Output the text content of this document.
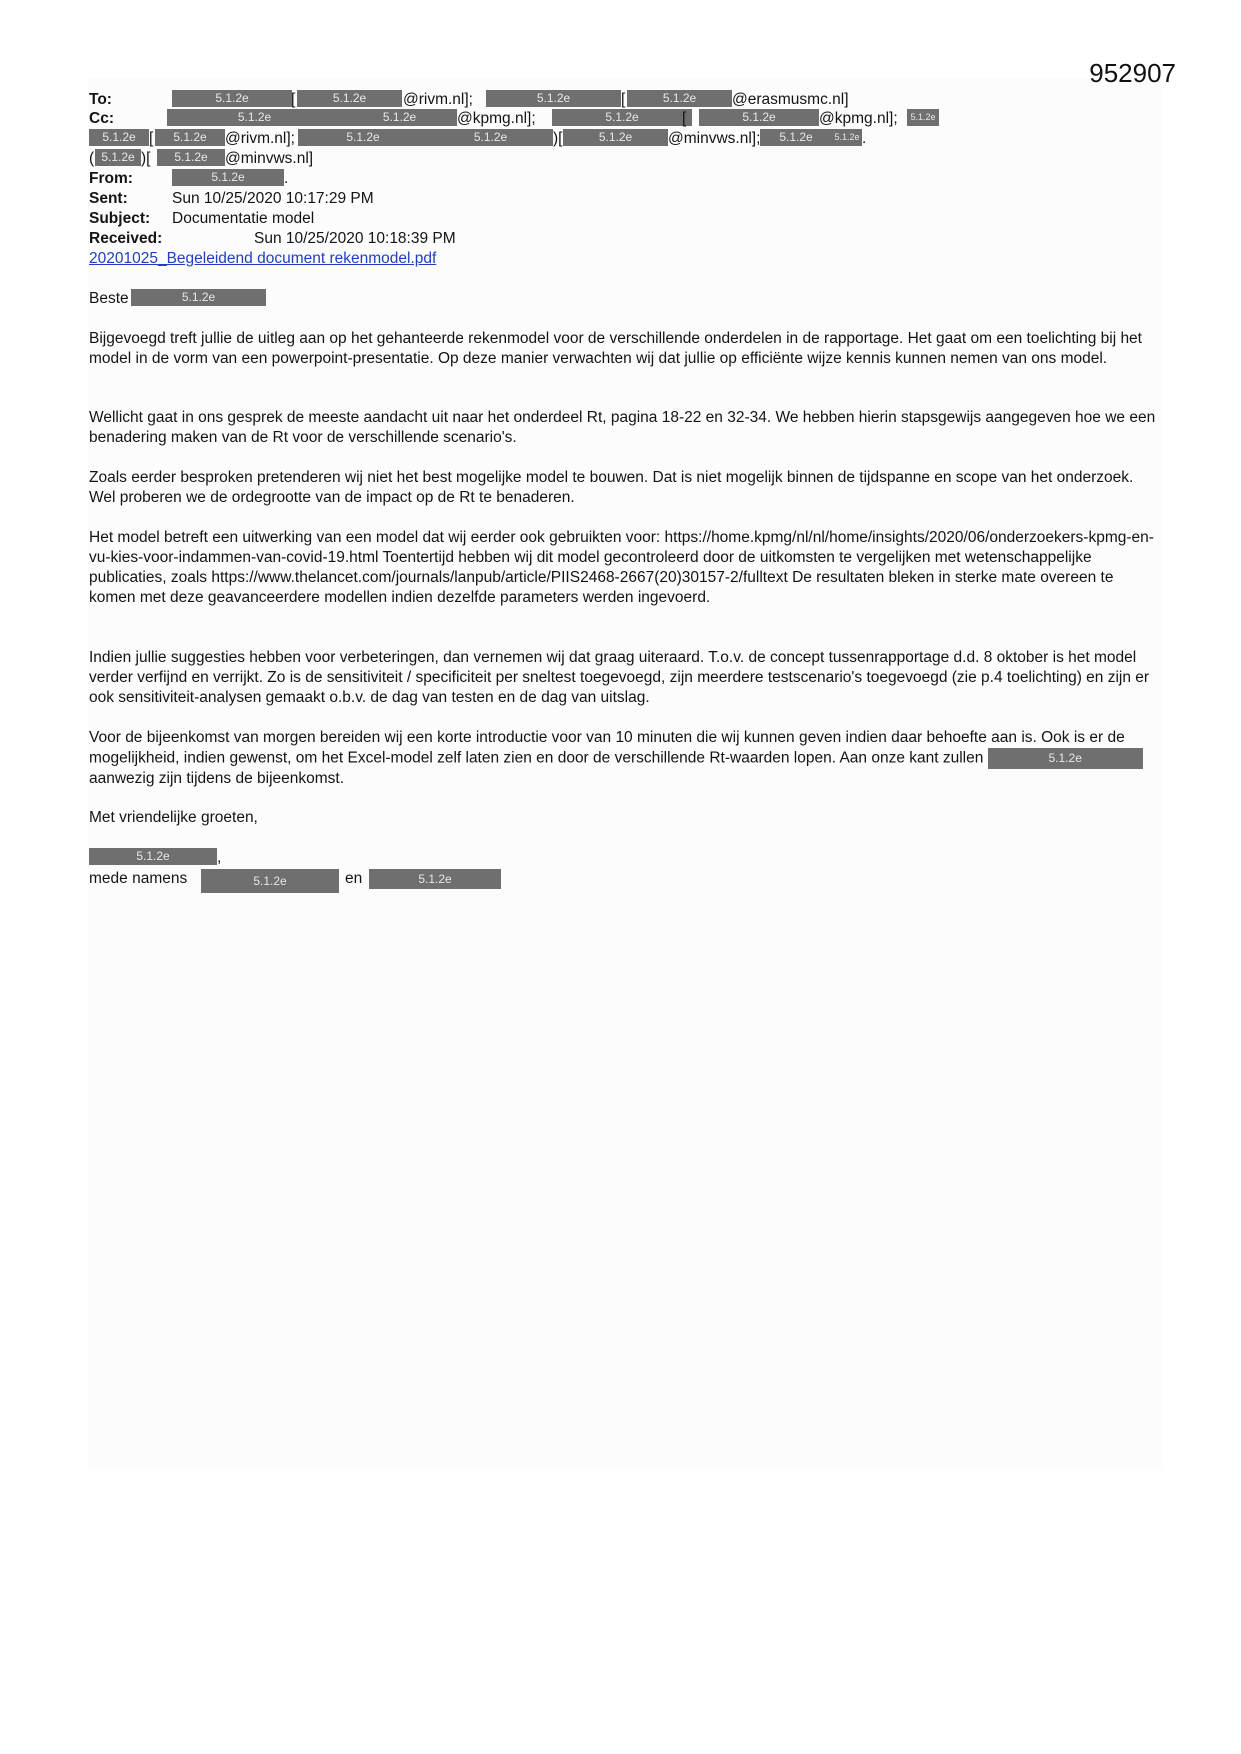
952907
To:	5.1.2e	[	5.1.2e	@rivm.nl];	5.1.2e	[	5.1.2e	@erasmusmc.nl]
Cc:	5.1.2e	5.1.2e	@kpmg.nl];	5.1.2e	[	5.1.2e	@kpmg.nl];	5.1.2e
5.1.2e [	5.1.2e	@rivm.nl];	5.1.2e	5.1.2e	)[	5.1.2e	@minvws.nl];	5.1.2e	5.1.2e .
( 5.1.2e )[	5.1.2e	@minvws.nl]
From:	5.1.2e	.
Sent:	Sun 10/25/2020 10:17:29 PM
Subject: Documentatie model
Received:	Sun 10/25/2020 10:18:39 PM
20201025_Begeleidend document rekenmodel.pdf
Beste	5.1.2e

Bijgevoegd treft jullie de uitleg aan op het gehanteerde rekenmodel voor de verschillende onderdelen in de rapportage. Het gaat om een toelichting bij het model in de vorm van een powerpoint-presentatie. Op deze manier verwachten wij dat jullie op efficiënte wijze kennis kunnen nemen van ons model.

Wellicht gaat in ons gesprek de meeste aandacht uit naar het onderdeel Rt, pagina 18-22 en 32-34. We hebben hierin stapsgewijs aangegeven hoe we een benadering maken van de Rt voor de verschillende scenario's.

Zoals eerder besproken pretenderen wij niet het best mogelijke model te bouwen. Dat is niet mogelijk binnen de tijdspanne en scope van het onderzoek. Wel proberen we de ordegrootte van de impact op de Rt te benaderen.

Het model betreft een uitwerking van een model dat wij eerder ook gebruikten voor: https://home.kpmg/nl/nl/home/insights/2020/06/onderzoekers-kpmg-en-vu-kies-voor-indammen-van-covid-19.html Toentertijd hebben wij dit model gecontroleerd door de uitkomsten te vergelijken met wetenschappelijke publicaties, zoals https://www.thelancet.com/journals/lanpub/article/PIIS2468-2667(20)30157-2/fulltext De resultaten bleken in sterke mate overeen te komen met deze geavanceerdere modellen indien dezelfde parameters werden ingevoerd.

Indien jullie suggesties hebben voor verbeteringen, dan vernemen wij dat graag uiteraard. T.o.v. de concept tussenrapportage d.d. 8 oktober is het model verder verfijnd en verrijkt. Zo is de sensitiviteit / specificiteit per sneltest toegevoegd, zijn meerdere testscenario's toegevoegd (zie p.4 toelichting) en zijn er ook sensitiviteit-analysen gemaakt o.b.v. de dag van testen en de dag van uitslag.

Voor de bijeenkomst van morgen bereiden wij een korte introductie voor van 10 minuten die wij kunnen geven indien daar behoefte aan is. Ook is er de mogelijkheid, indien gewenst, om het Excel-model zelf laten zien en door de verschillende Rt-waarden lopen. Aan onze kant zullen	5.1.2e aanwezig zijn tijdens de bijeenkomst.

Met vriendelijke groeten,
5.1.2e	,
mede namens	5.1.2e	en	5.1.2e
